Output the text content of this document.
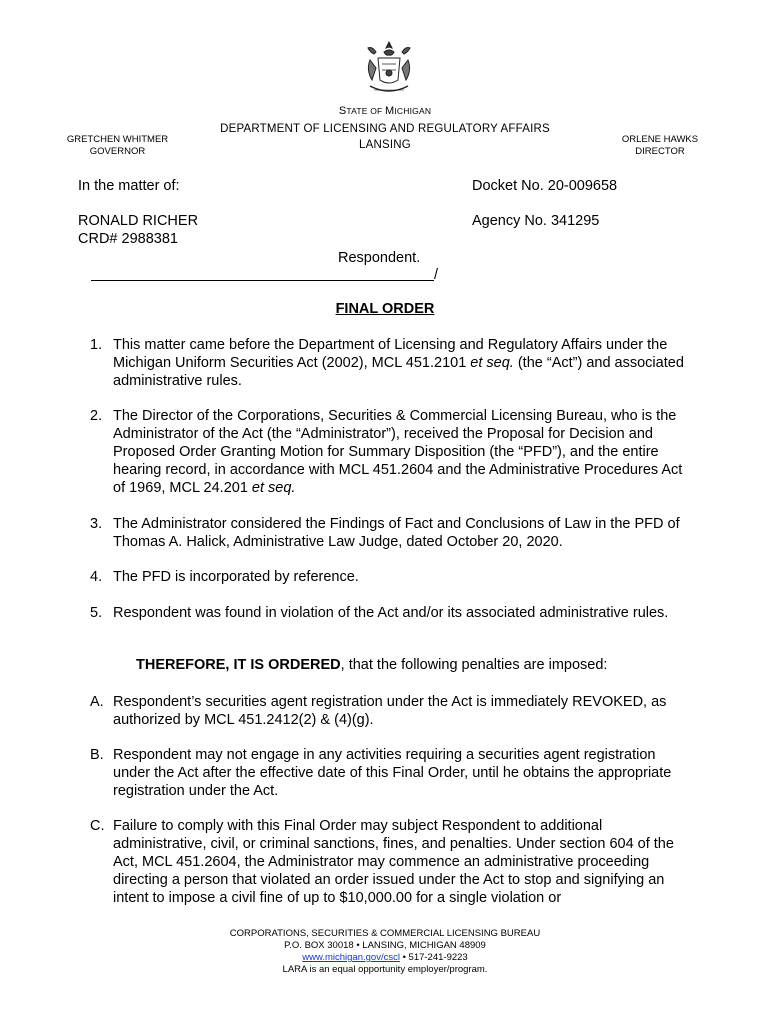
STATE OF MICHIGAN
DEPARTMENT OF LICENSING AND REGULATORY AFFAIRS
LANSING
GRETCHEN WHITMER
GOVERNOR
ORLENE HAWKS
DIRECTOR
In the matter of:	Docket No. 20-009658
RONALD RICHER
CRD# 2988381
Agency No. 341295
Respondent.
/
FINAL ORDER
1. This matter came before the Department of Licensing and Regulatory Affairs under the Michigan Uniform Securities Act (2002), MCL 451.2101 et seq. (the “Act”) and associated administrative rules.
2. The Director of the Corporations, Securities & Commercial Licensing Bureau, who is the Administrator of the Act (the “Administrator”), received the Proposal for Decision and Proposed Order Granting Motion for Summary Disposition (the “PFD”), and the entire hearing record, in accordance with MCL 451.2604 and the Administrative Procedures Act of 1969, MCL 24.201 et seq.
3. The Administrator considered the Findings of Fact and Conclusions of Law in the PFD of Thomas A. Halick, Administrative Law Judge, dated October 20, 2020.
4. The PFD is incorporated by reference.
5. Respondent was found in violation of the Act and/or its associated administrative rules.
THEREFORE, IT IS ORDERED, that the following penalties are imposed:
A. Respondent’s securities agent registration under the Act is immediately REVOKED, as authorized by MCL 451.2412(2) & (4)(g).
B. Respondent may not engage in any activities requiring a securities agent registration under the Act after the effective date of this Final Order, until he obtains the appropriate registration under the Act.
C. Failure to comply with this Final Order may subject Respondent to additional administrative, civil, or criminal sanctions, fines, and penalties. Under section 604 of the Act, MCL 451.2604, the Administrator may commence an administrative proceeding directing a person that violated an order issued under the Act to stop and signifying an intent to impose a civil fine of up to $10,000.00 for a single violation or
CORPORATIONS, SECURITIES & COMMERCIAL LICENSING BUREAU
P.O. BOX 30018 • LANSING, MICHIGAN 48909
www.michigan.gov/cscl • 517-241-9223
LARA is an equal opportunity employer/program.
